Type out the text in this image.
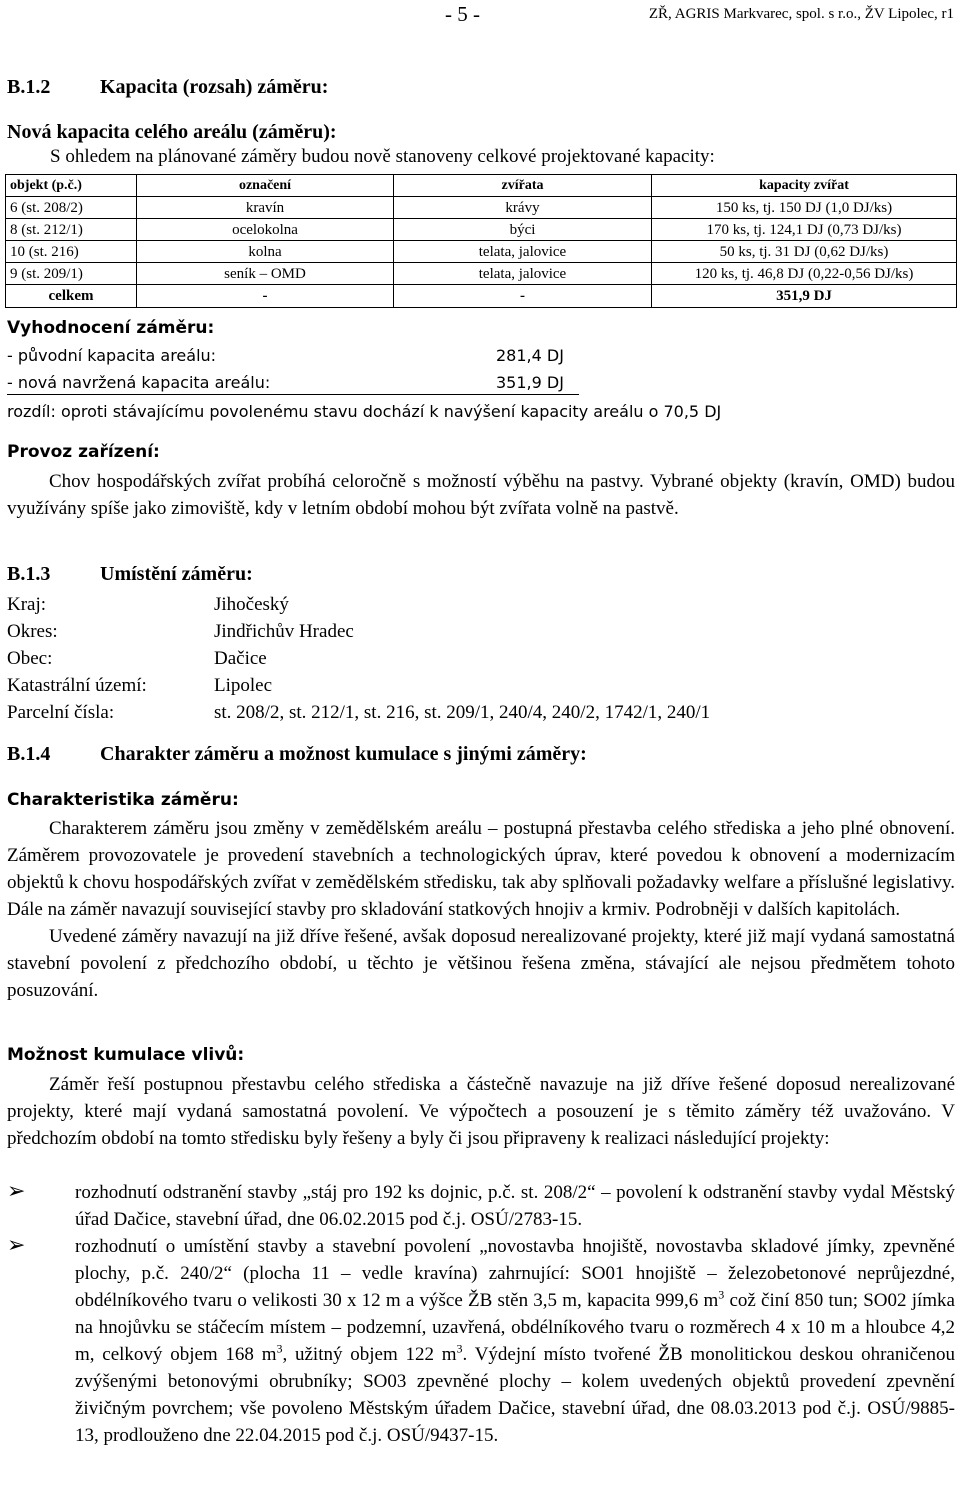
- 5 -	ZŘ, AGRIS Markvarec, spol. s r.o., ŽV Lipolec, r1
B.1.2 Kapacita (rozsah) záměru:
Nová kapacita celého areálu (záměru):
S ohledem na plánované záměry budou nově stanoveny celkové projektované kapacity:
objekt (p.č.)	označení	zvířata	kapacity zvířat
6 (st. 208/2)	kravín	krávy	150 ks, tj. 150 DJ (1,0 DJ/ks)
8 (st. 212/1)	ocelokolna	býci	170 ks, tj. 124,1 DJ (0,73 DJ/ks)
10 (st. 216)	kolna	telata, jalovice	50 ks, tj. 31 DJ (0,62 DJ/ks)
9 (st. 209/1)	seník – OMD	telata, jalovice	120 ks, tj. 46,8 DJ (0,22-0,56 DJ/ks)
celkem	-	-	351,9 DJ
Vyhodnocení záměru:
- původní kapacita areálu:	281,4 DJ
- nová navržená kapacita areálu:	351,9 DJ
rozdíl: oproti stávajícímu povolenému stavu dochází k navýšení kapacity areálu o 70,5 DJ
Provoz zařízení:
Chov hospodářských zvířat probíhá celoročně s možností výběhu na pastvy. Vybrané objekty (kravín, OMD) budou využívány spíše jako zimoviště, kdy v letním období mohou být zvířata volně na pastvě.
B.1.3 Umístění záměru:
Kraj:	Jihočeský
Okres:	Jindřichův Hradec
Obec:	Dačice
Katastrální území:	Lipolec
Parcelní čísla:	st. 208/2, st. 212/1, st. 216, st. 209/1, 240/4, 240/2, 1742/1, 240/1
B.1.4 Charakter záměru a možnost kumulace s jinými záměry:
Charakteristika záměru:

Charakterem záměru jsou změny v zemědělském areálu – postupná přestavba celého střediska a jeho plné obnovení. Záměrem provozovatele je provedení stavebních a technologických úprav, které povedou k obnovení a modernizacím objektů k chovu hospodářských zvířat v zemědělském středisku, tak aby splňovali požadavky welfare a příslušné legislativy. Dále na záměr navazují související stavby pro skladování statkových hnojiv a krmiv. Podrobněji v dalších kapitolách.

Uvedené záměry navazují na již dříve řešené, avšak doposud nerealizované projekty, které již mají vydaná samostatná stavební povolení z předchozího období, u těchto je většinou řešena změna, stávající ale nejsou předmětem tohoto posuzování.

Možnost kumulace vlivů:

Záměr řeší postupnou přestavbu celého střediska a částečně navazuje na již dříve řešené doposud nerealizované projekty, které mají vydaná samostatná povolení. Ve výpočtech a posouzení je s těmito záměry též uvažováno. V předchozím období na tomto středisku byly řešeny a byly či jsou připraveny k realizaci následující projekty:

➢	rozhodnutí odstranění stavby „stáj pro 192 ks dojnic, p.č. st. 208/2“ – povolení k odstranění stavby vydal Městský úřad Dačice, stavební úřad, dne 06.02.2015 pod č.j. OSÚ/2783-15.
➢	rozhodnutí o umístění stavby a stavební povolení „novostavba hnojiště, novostavba skladové jímky, zpevněné plochy, p.č. 240/2“ (plocha 11 – vedle kravína) zahrnující: SO01 hnojiště – železobetonové neprůjezdné, obdélníkového tvaru o velikosti 30 x 12 m a výšce ŽB stěn 3,5 m, kapacita 999,6 $m^3$ což činí 850 tun; SO02 jímka na hnojůvku se stáčecím místem – podzemní, uzavřená, obdélníkového tvaru o rozměrech 4 x 10 m a hloubce 4,2 m, celkový objem 168 $m^3$, užitný objem 122 $m^3$. Výdejní místo tvořené ŽB monolitickou deskou ohraničenou zvýšenými betonovými obrubníky; SO03 zpevněné plochy – kolem uvedených objektů provedení zpevnění živičným povrchem; vše povoleno Městským úřadem Dačice, stavební úřad, dne 08.03.2013 pod č.j. OSÚ/9885-13, prodlouženo dne 22.04.2015 pod č.j. OSÚ/9437-15.
